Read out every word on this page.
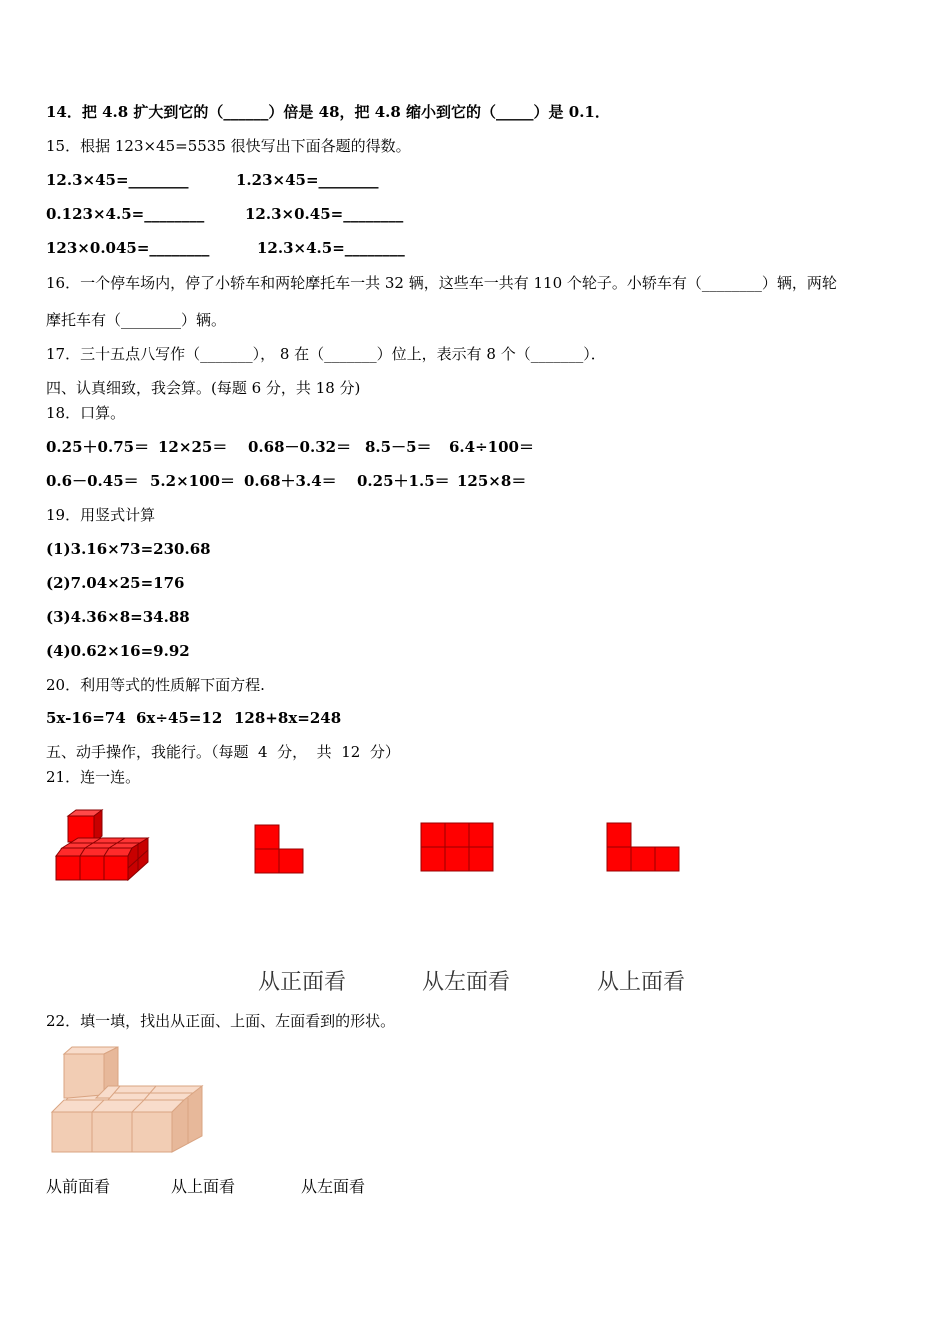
14．把 4.8 扩大到它的（______）倍是 48，把 4.8 缩小到它的（_____）是 0.1．
15．根据 123×45=5535 很快写出下面各题的得数。

12.3×45=________

	1.23×45=________

0.123×4.5=________

	12.3×0.45=________

123×0.045=________

	12.3×4.5=________

16．一个停车场内，停了小轿车和两轮摩托车一共 32 辆，这些车一共有 110 个轮子。小轿车有（________）辆，两轮
摩托车有（________）辆。
17．三十五点八写作（_______）， 8 在（_______）位上，表示有 8 个（_______）．
四、认真细致，我会算。(每题 6 分，共 18 分)
18．口算。

0.25＋0.75＝

12×25＝

0.68－0.32＝

8.5－5＝

6.4÷100＝

0.6－0.45＝

5.2×100＝

0.68＋3.4＝

0.25＋1.5＝

125×8＝

19．用竖式计算
(1)3.16×73=230.68
(2)7.04×25=176
(3)4.36×8=34.88
(4)0.62×16=9.92
20．利用等式的性质解下面方程.

5x-16=74

6x÷45=12

128+8x=248

五、动手操作，我能行。（每题  4  分，  共  12  分）
21．连一连。
从正面看	从左面看	从上面看
22．填一填，找出从正面、上面、左面看到的形状。
从前面看	从上面看	从左面看
